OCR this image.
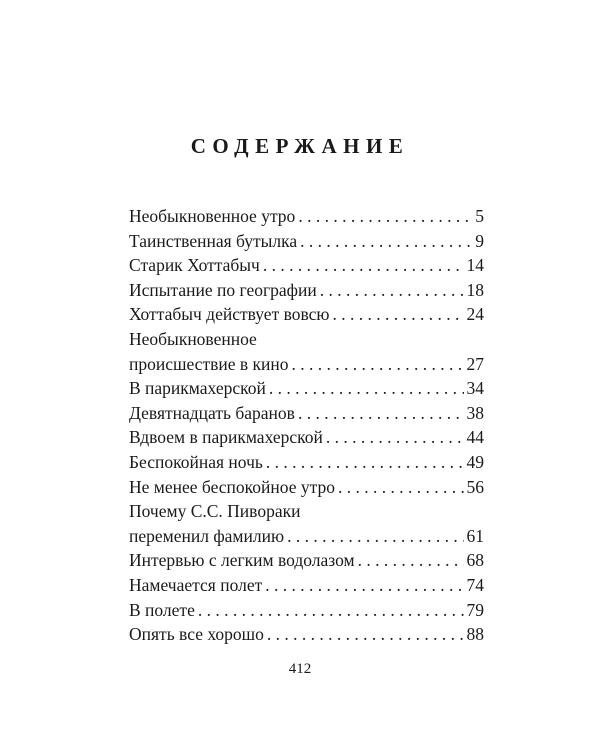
СОДЕРЖАНИЕ
Необыкновенное утро . . .	5
Таинственная бутылка . . .	9
Старик Хоттабыч . . .	14
Испытание по географии . . .	18
Хоттабыч действует вовсю . . .	24
Необыкновенное
происшествие в кино . . .	27
В парикмахерской . . .	34
Девятнадцать баранов . . .	38
Вдвоем в парикмахерской . . .	44
Беспокойная ночь . . .	49
Не менее беспокойное утро . . .	56
Почему С.С. Пивораки
переменил фамилию . . .	61
Интервью с легким водолазом . . .	68
Намечается полет . . .	74
В полете . . .	79
Опять все хорошо . . .	88
412
